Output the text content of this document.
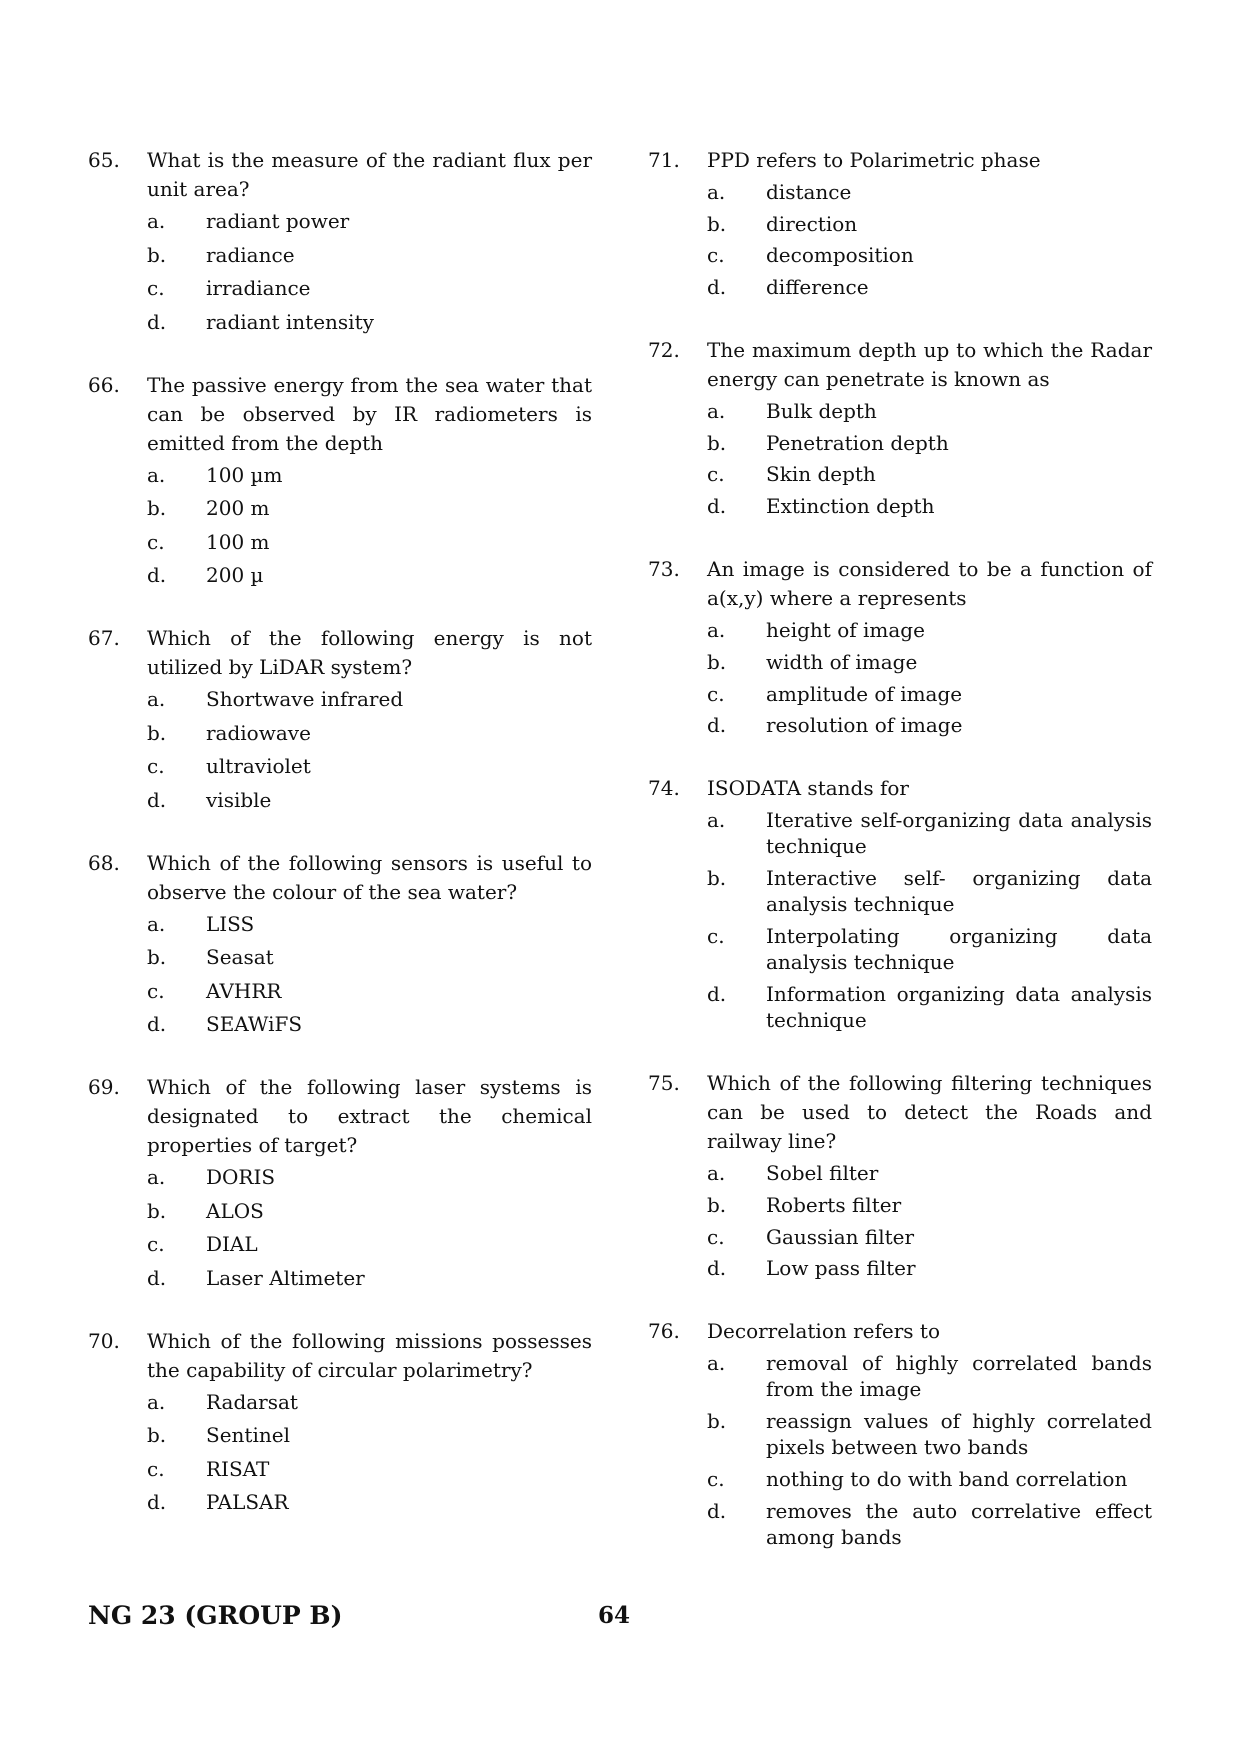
65.	What is the measure of the radiant flux per unit area?
a.	radiant power
b.	radiance
c.	irradiance
d.	radiant intensity
66.	The passive energy from the sea water that can be observed by IR radiometers is emitted from the depth
a.	100 µm
b.	200 m
c.	100 m
d.	200 µ
67.	Which of the following energy is not utilized by LiDAR system?
a.	Shortwave infrared
b.	radiowave
c.	ultraviolet
d.	visible
68.	Which of the following sensors is useful to observe the colour of the sea water?
a.	LISS
b.	Seasat
c.	AVHRR
d.	SEAWiFS
69.	Which of the following laser systems is designated to extract the chemical properties of target?
a.	DORIS
b.	ALOS
c.	DIAL
d.	Laser Altimeter
70.	Which of the following missions possesses the capability of circular polarimetry?
a.	Radarsat
b.	Sentinel
c.	RISAT
d.	PALSAR
71.	PPD refers to Polarimetric phase
a.	distance
b.	direction
c.	decomposition
d.	difference
72.	The maximum depth up to which the Radar energy can penetrate is known as
a.	Bulk depth
b.	Penetration depth
c.	Skin depth
d.	Extinction depth
73.	An image is considered to be a function of a(x,y) where a represents
a.	height of image
b.	width of image
c.	amplitude of image
d.	resolution of image
74.	ISODATA stands for
a.	Iterative self-organizing data analysis technique
b.	Interactive self- organizing data analysis technique
c.	Interpolating organizing data analysis technique
d.	Information organizing data analysis technique
75.	Which of the following filtering techniques can be used to detect the Roads and railway line?
a.	Sobel filter
b.	Roberts filter
c.	Gaussian filter
d.	Low pass filter
76.	Decorrelation refers to
a.	removal of highly correlated bands from the image
b.	reassign values of highly correlated pixels between two bands
c.	nothing to do with band correlation
d.	removes the auto correlative effect among bands
NG 23 (GROUP B)	64
